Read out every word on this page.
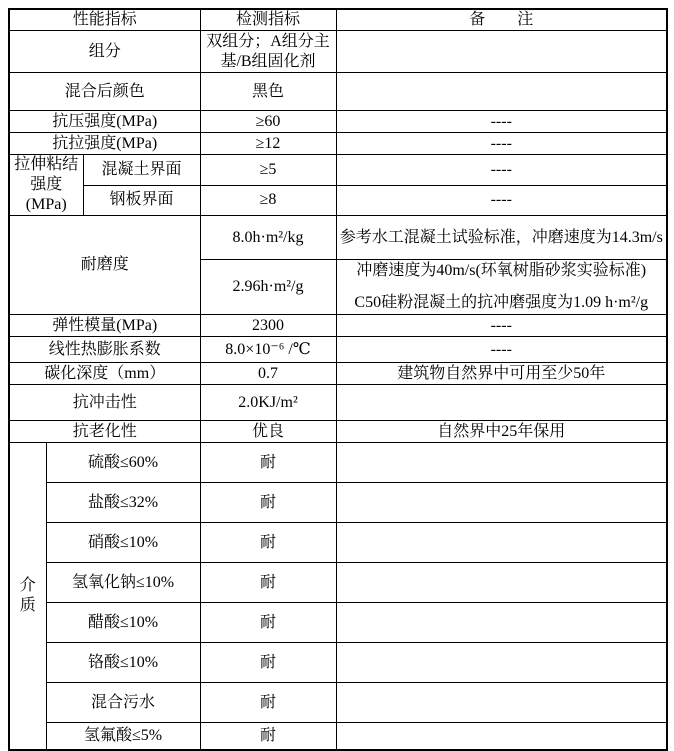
性能指标			检测指标	备　　注
组分			双组分；A组分主基/B组固化剂	
混合后颜色			黑色	
抗压强度(MPa)			≥60	----
抗拉强度(MPa)			≥12	----
拉伸粘结强度(MPa)		混凝土界面	≥5	----
		钢板界面	≥8	----
耐磨度			8.0h·m²/kg	参考水工混凝土试验标准，冲磨速度为14.3m/s
			2.96h·m²/g	冲磨速度为40m/s(环氧树脂砂浆实验标准)
C50硅粉混凝土的抗冲磨强度为1.09 h·m²/g

弹性模量(MPa)			2300	----
线性热膨胀系数			8.0×10⁻⁶ /℃	----
碳化深度（mm）			0.7	建筑物自然界中可用至少50年
抗冲击性			2.0KJ/m²	
抗老化性			优良	自然界中25年保用
介质	硫酸≤60%		耐	
	盐酸≤32%		耐	
	硝酸≤10%		耐	
	氢氧化钠≤10%		耐	
	醋酸≤10%		耐	
	铬酸≤10%		耐	
	混合污水		耐	
	氢氟酸≤5%		耐	
